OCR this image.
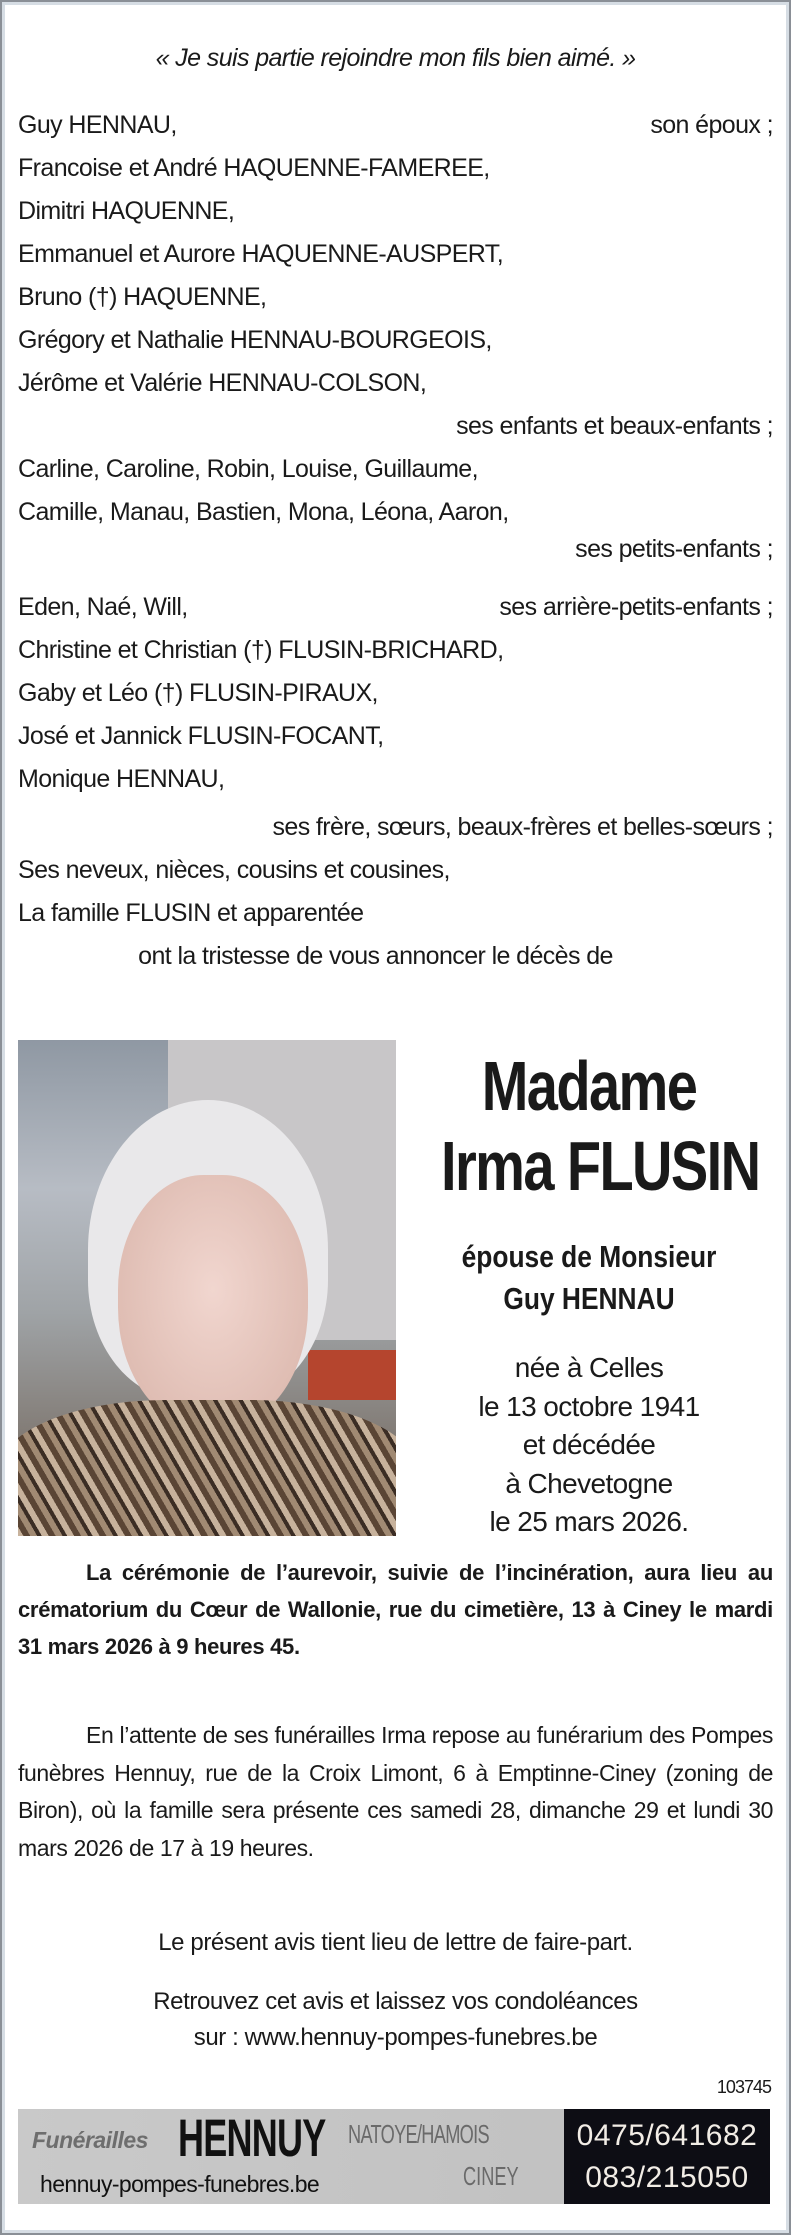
« Je suis partie rejoindre mon fils bien aimé. »
Guy HENNAU,	son époux ;
Francoise et André HAQUENNE-FAMEREE,
Dimitri HAQUENNE,
Emmanuel et Aurore HAQUENNE-AUSPERT,
Bruno (†) HAQUENNE,
Grégory et Nathalie HENNAU-BOURGEOIS,
Jérôme et Valérie HENNAU-COLSON,
ses enfants et beaux-enfants ;
Carline, Caroline, Robin, Louise, Guillaume,
Camille, Manau, Bastien, Mona, Léona, Aaron,
ses petits-enfants ;
Eden, Naé, Will,	ses arrière-petits-enfants ;
Christine et Christian (†) FLUSIN-BRICHARD,
Gaby et Léo (†) FLUSIN-PIRAUX,
José et Jannick FLUSIN-FOCANT,
Monique HENNAU,
ses frère, sœurs, beaux-frères et belles-sœurs ;
Ses neveux, nièces, cousins et cousines,
La famille FLUSIN et apparentée
ont la tristesse de vous annoncer le décès de
Madame
Irma FLUSIN
épouse de Monsieur
Guy HENNAU
née à Celles
le 13 octobre 1941
et décédée
à Chevetogne
le 25 mars 2026.
La cérémonie de l’aurevoir, suivie de l’incinération, aura lieu au crématorium du Cœur de Wallonie, rue du cimetière, 13 à Ciney le mardi 31 mars 2026 à 9 heures 45.
En l’attente de ses funérailles Irma repose au funérarium des Pompes funèbres Hennuy, rue de la Croix Limont, 6 à Emptinne-Ciney (zoning de Biron), où la famille sera présente ces samedi 28, dimanche 29 et lundi 30 mars 2026 de 17 à 19 heures.
Le présent avis tient lieu de lettre de faire-part.
Retrouvez cet avis et laissez vos condoléances
sur : www.hennuy-pompes-funebres.be
103745
Funérailles HENNUY NATOYE/HAMOIS
CINEY
hennuy-pompes-funebres.be
0475/641682
083/215050
